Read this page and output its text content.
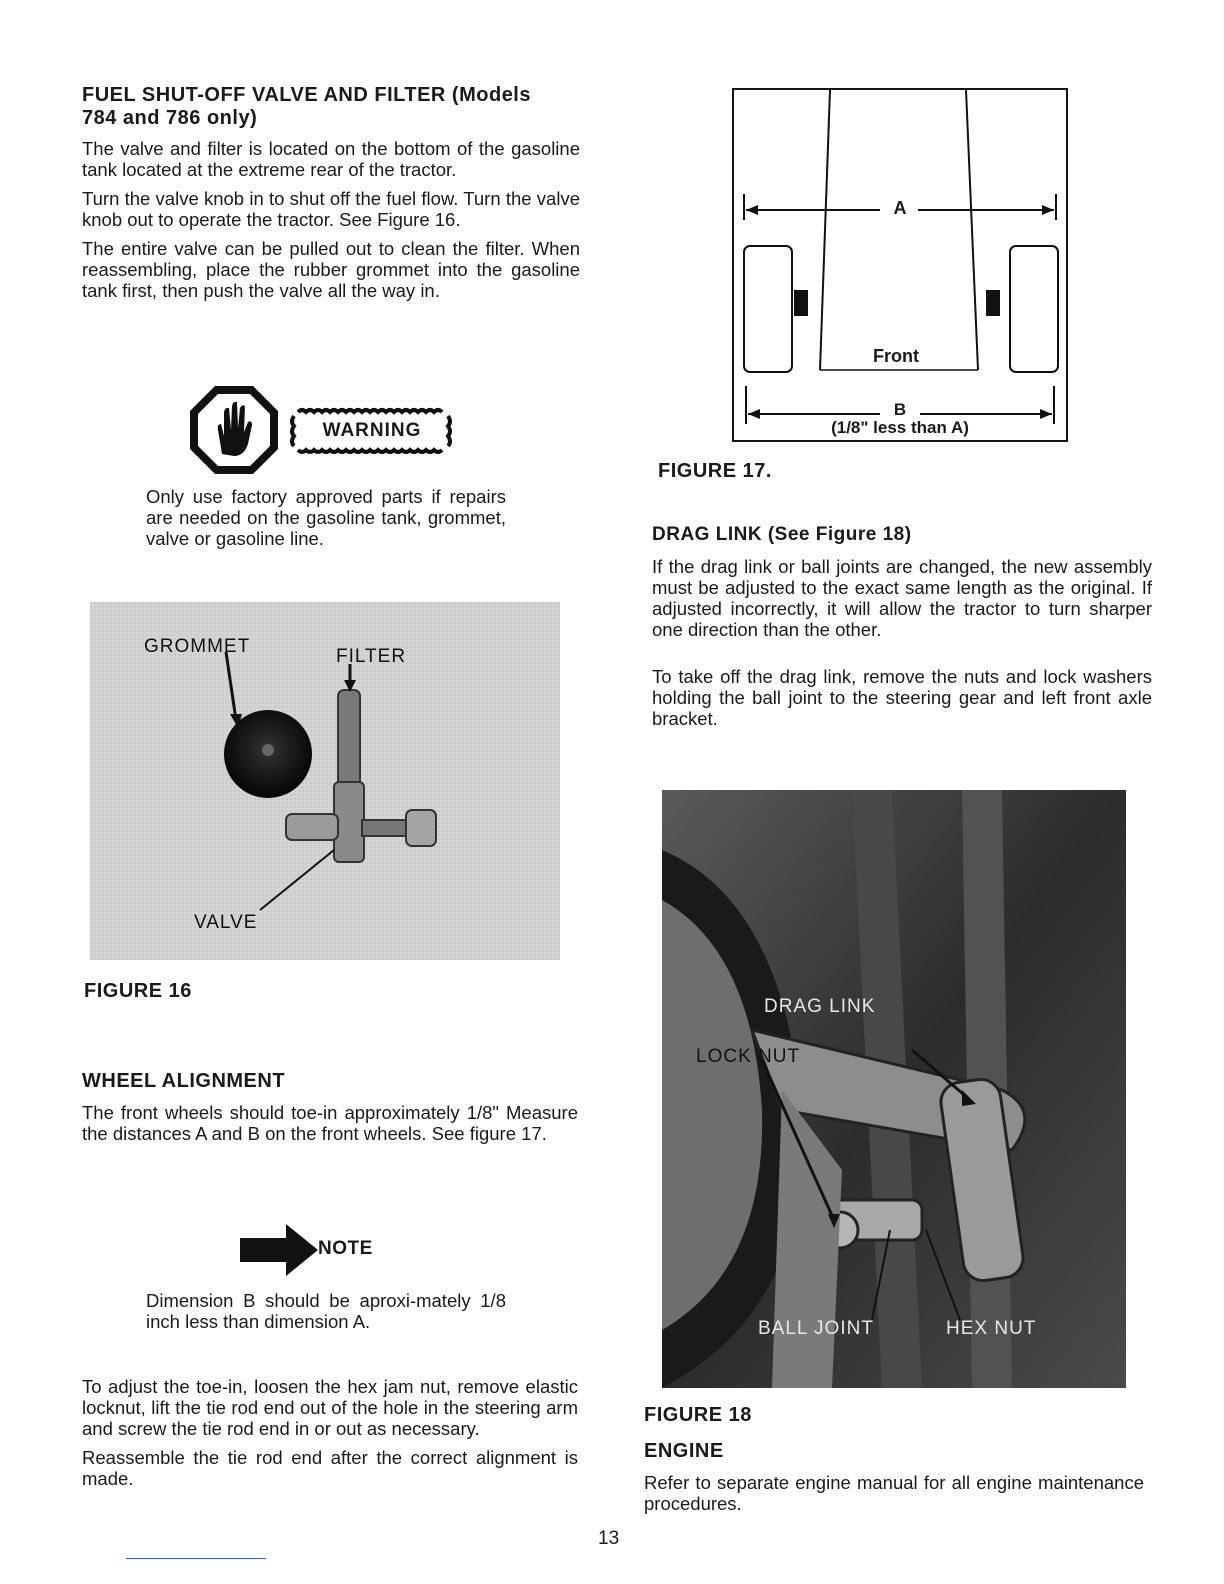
FUEL SHUT-OFF VALVE AND FILTER (Models
784 and 786 only)

The valve and filter is located on the bottom of the gasoline tank located at the extreme rear of the tractor.

Turn the valve knob in to shut off the fuel flow. Turn the valve knob out to operate the tractor. See Figure 16.

The entire valve can be pulled out to clean the filter. When reassembling, place the rubber grommet into the gasoline tank first, then push the valve all the way in.

WARNING
Only use factory approved parts if repairs are needed on the gasoline tank, grommet, valve or gasoline line.
GROMMET	FILTER
VALVE
FIGURE 16
WHEEL ALIGNMENT
The front wheels should toe-in approximately 1/8" Measure the distances A and B on the front wheels. See figure 17.
NOTE
Dimension B should be aproxi-mately 1/8 inch less than dimension A.

To adjust the toe-in, loosen the hex jam nut, remove elastic locknut, lift the tie rod end out of the hole in the steering arm and screw the tie rod end in or out as necessary.

Reassemble the tie rod end after the correct alignment is made.

A
Front
B
(1/8" less than A)
FIGURE 17.
DRAG LINK (See Figure 18)

If the drag link or ball joints are changed, the new assembly must be adjusted to the exact same length as the original. If adjusted incorrectly, it will allow the tractor to turn sharper one direction than the other.

To take off the drag link, remove the nuts and lock washers holding the ball joint to the steering gear and left front axle bracket.

DRAG LINK
LOCK NUT
BALL JOINT	HEX NUT
FIGURE 18
ENGINE
Refer to separate engine manual for all engine maintenance procedures.
13
